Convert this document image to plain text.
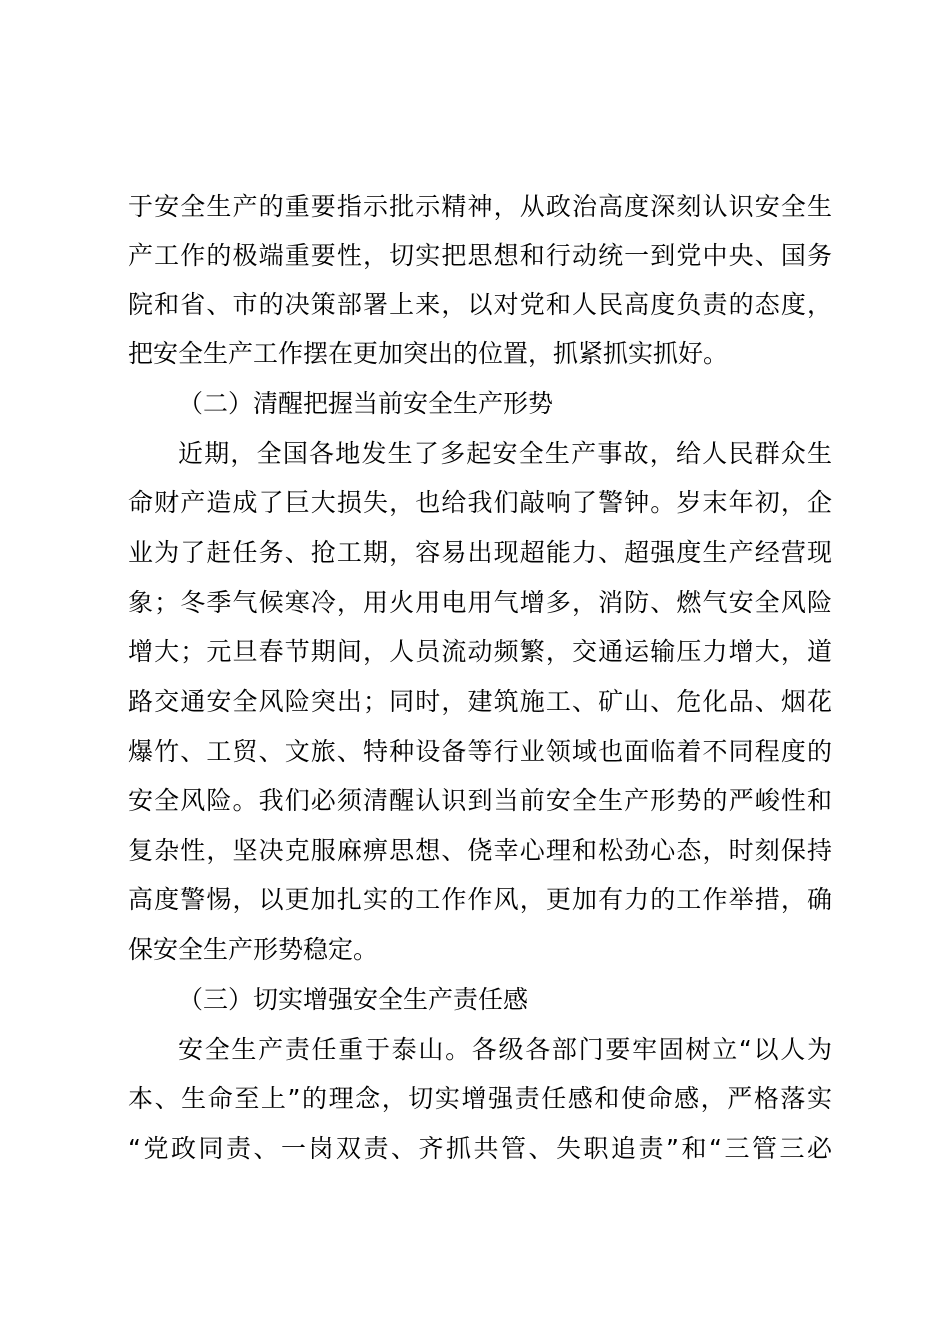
于安全生产的重要指示批示精神，从政治高度深刻认识安全生
产工作的极端重要性，切实把思想和行动统一到党中央、国务
院和省、市的决策部署上来，以对党和人民高度负责的态度，
把安全生产工作摆在更加突出的位置，抓紧抓实抓好。
（二）清醒把握当前安全生产形势
近期，全国各地发生了多起安全生产事故，给人民群众生
命财产造成了巨大损失，也给我们敲响了警钟。岁末年初，企
业为了赶任务、抢工期，容易出现超能力、超强度生产经营现
象；冬季气候寒冷，用火用电用气增多，消防、燃气安全风险
增大；元旦春节期间，人员流动频繁，交通运输压力增大，道
路交通安全风险突出；同时，建筑施工、矿山、危化品、烟花
爆竹、工贸、文旅、特种设备等行业领域也面临着不同程度的
安全风险。我们必须清醒认识到当前安全生产形势的严峻性和
复杂性，坚决克服麻痹思想、侥幸心理和松劲心态，时刻保持
高度警惕，以更加扎实的工作作风，更加有力的工作举措，确
保安全生产形势稳定。
（三）切实增强安全生产责任感
安全生产责任重于泰山。各级各部门要牢固树立“以人为
本、生命至上”的理念，切实增强责任感和使命感，严格落实
“党政同责、一岗双责、齐抓共管、失职追责”和“三管三必
